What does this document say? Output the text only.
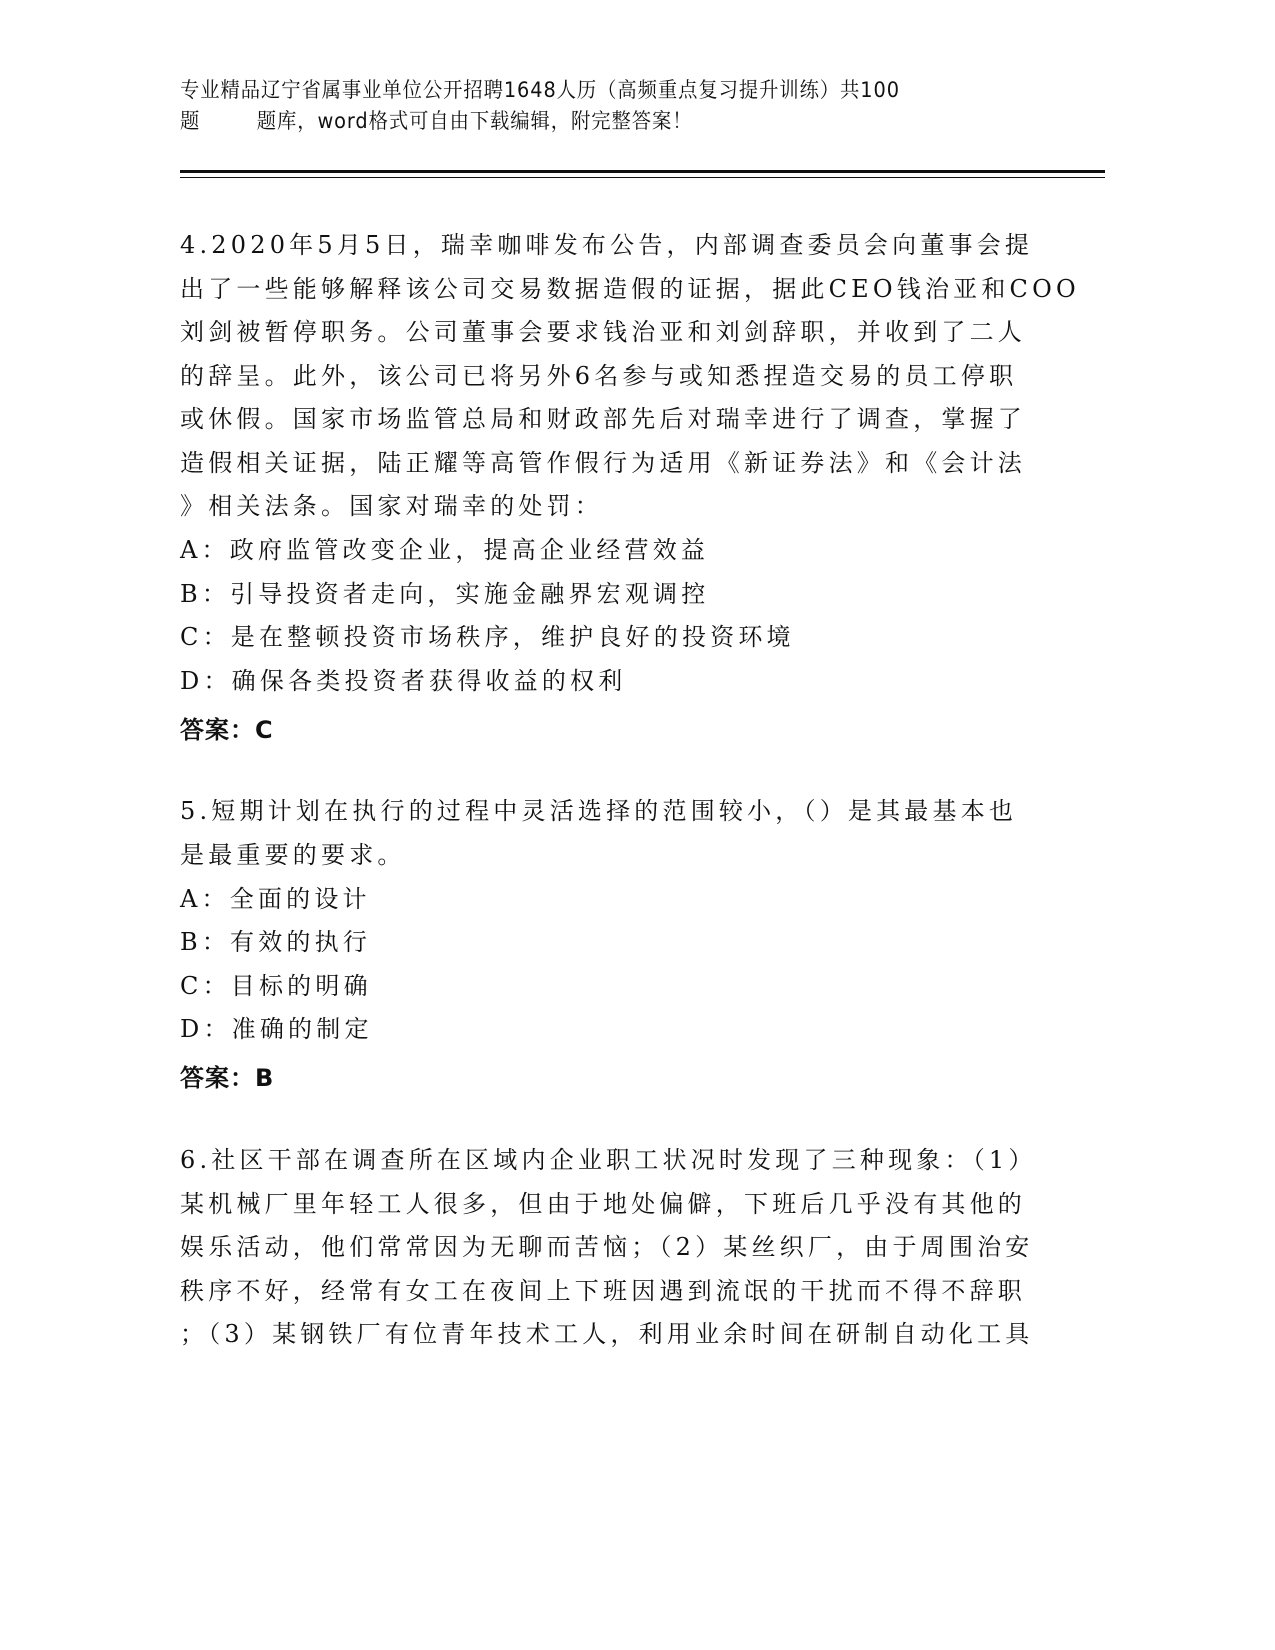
专业精品辽宁省属事业单位公开招聘1648人历（高频重点复习提升训练）共100
题        题库，word格式可自由下载编辑，附完整答案！
4.2020年5月5日，瑞幸咖啡发布公告，内部调查委员会向董事会提
出了一些能够解释该公司交易数据造假的证据，据此CEO钱治亚和COO
刘剑被暂停职务。公司董事会要求钱治亚和刘剑辞职，并收到了二人
的辞呈。此外，该公司已将另外6名参与或知悉捏造交易的员工停职
或休假。国家市场监管总局和财政部先后对瑞幸进行了调查，掌握了
造假相关证据，陆正耀等高管作假行为适用《新证券法》和《会计法
》相关法条。国家对瑞幸的处罚：
A：政府监管改变企业，提高企业经营效益
B：引导投资者走向，实施金融界宏观调控
C：是在整顿投资市场秩序，维护良好的投资环境
D：确保各类投资者获得收益的权利
答案：C
5.短期计划在执行的过程中灵活选择的范围较小，（）是其最基本也
是最重要的要求。
A：全面的设计
B：有效的执行
C：目标的明确
D：准确的制定
答案：B
6.社区干部在调查所在区域内企业职工状况时发现了三种现象：（1）
某机械厂里年轻工人很多，但由于地处偏僻，下班后几乎没有其他的
娱乐活动，他们常常因为无聊而苦恼；（2）某丝织厂，由于周围治安
秩序不好，经常有女工在夜间上下班因遇到流氓的干扰而不得不辞职
；（3）某钢铁厂有位青年技术工人，利用业余时间在研制自动化工具
